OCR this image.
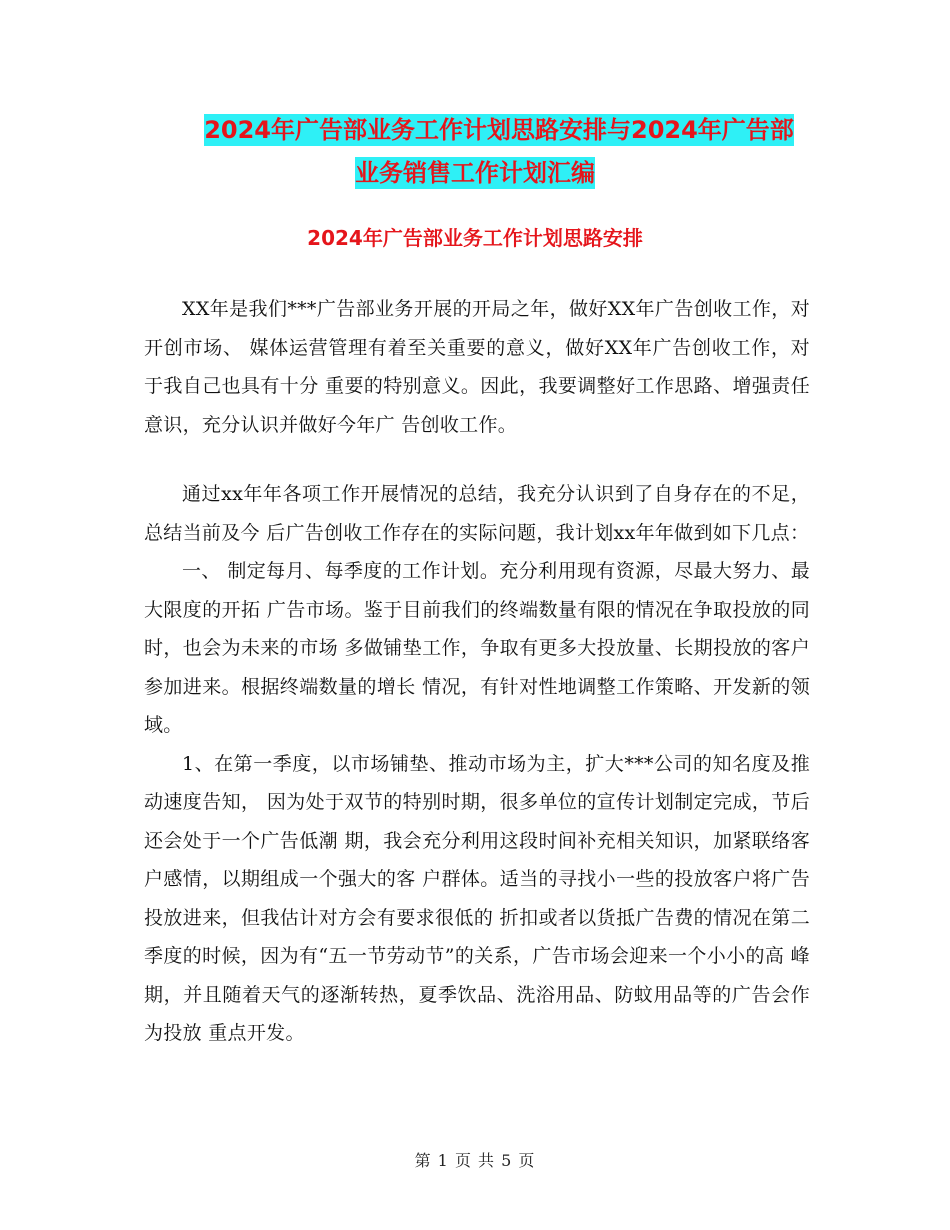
2024年广告部业务工作计划思路安排与2024年广告部
业务销售工作计划汇编
2024年广告部业务工作计划思路安排

XX年是我们***广告部业务开展的开局之年，做好XX年广告创收工作，对开创市场、 媒体运营管理有着至关重要的意义，做好XX年广告创收工作，对于我自己也具有十分 重要的特别意义。因此，我要调整好工作思路、增强责任意识，充分认识并做好今年广 告创收工作。

通过xx年年各项工作开展情况的总结，我充分认识到了自身存在的不足，总结当前及今 后广告创收工作存在的实际问题，我计划xx年年做到如下几点：

一、 制定每月、每季度的工作计划。充分利用现有资源，尽最大努力、最大限度的开拓 广告市场。鉴于目前我们的终端数量有限的情况在争取投放的同时，也会为未来的市场 多做铺垫工作，争取有更多大投放量、长期投放的客户参加进来。根据终端数量的增长 情况，有针对性地调整工作策略、开发新的领域。

1、在第一季度，以市场铺垫、推动市场为主，扩大***公司的知名度及推动速度告知， 因为处于双节的特别时期，很多单位的宣传计划制定完成，节后还会处于一个广告低潮 期，我会充分利用这段时间补充相关知识，加紧联络客户感情，以期组成一个强大的客 户群体。适当的寻找小一些的投放客户将广告投放进来，但我估计对方会有要求很低的 折扣或者以货抵广告费的情况在第二季度的时候，因为有“五一节劳动节”的关系，广告市场会迎来一个小小的高 峰期，并且随着天气的逐渐转热，夏季饮品、洗浴用品、防蚊用品等的广告会作为投放 重点开发。

第 1 页 共 5 页
